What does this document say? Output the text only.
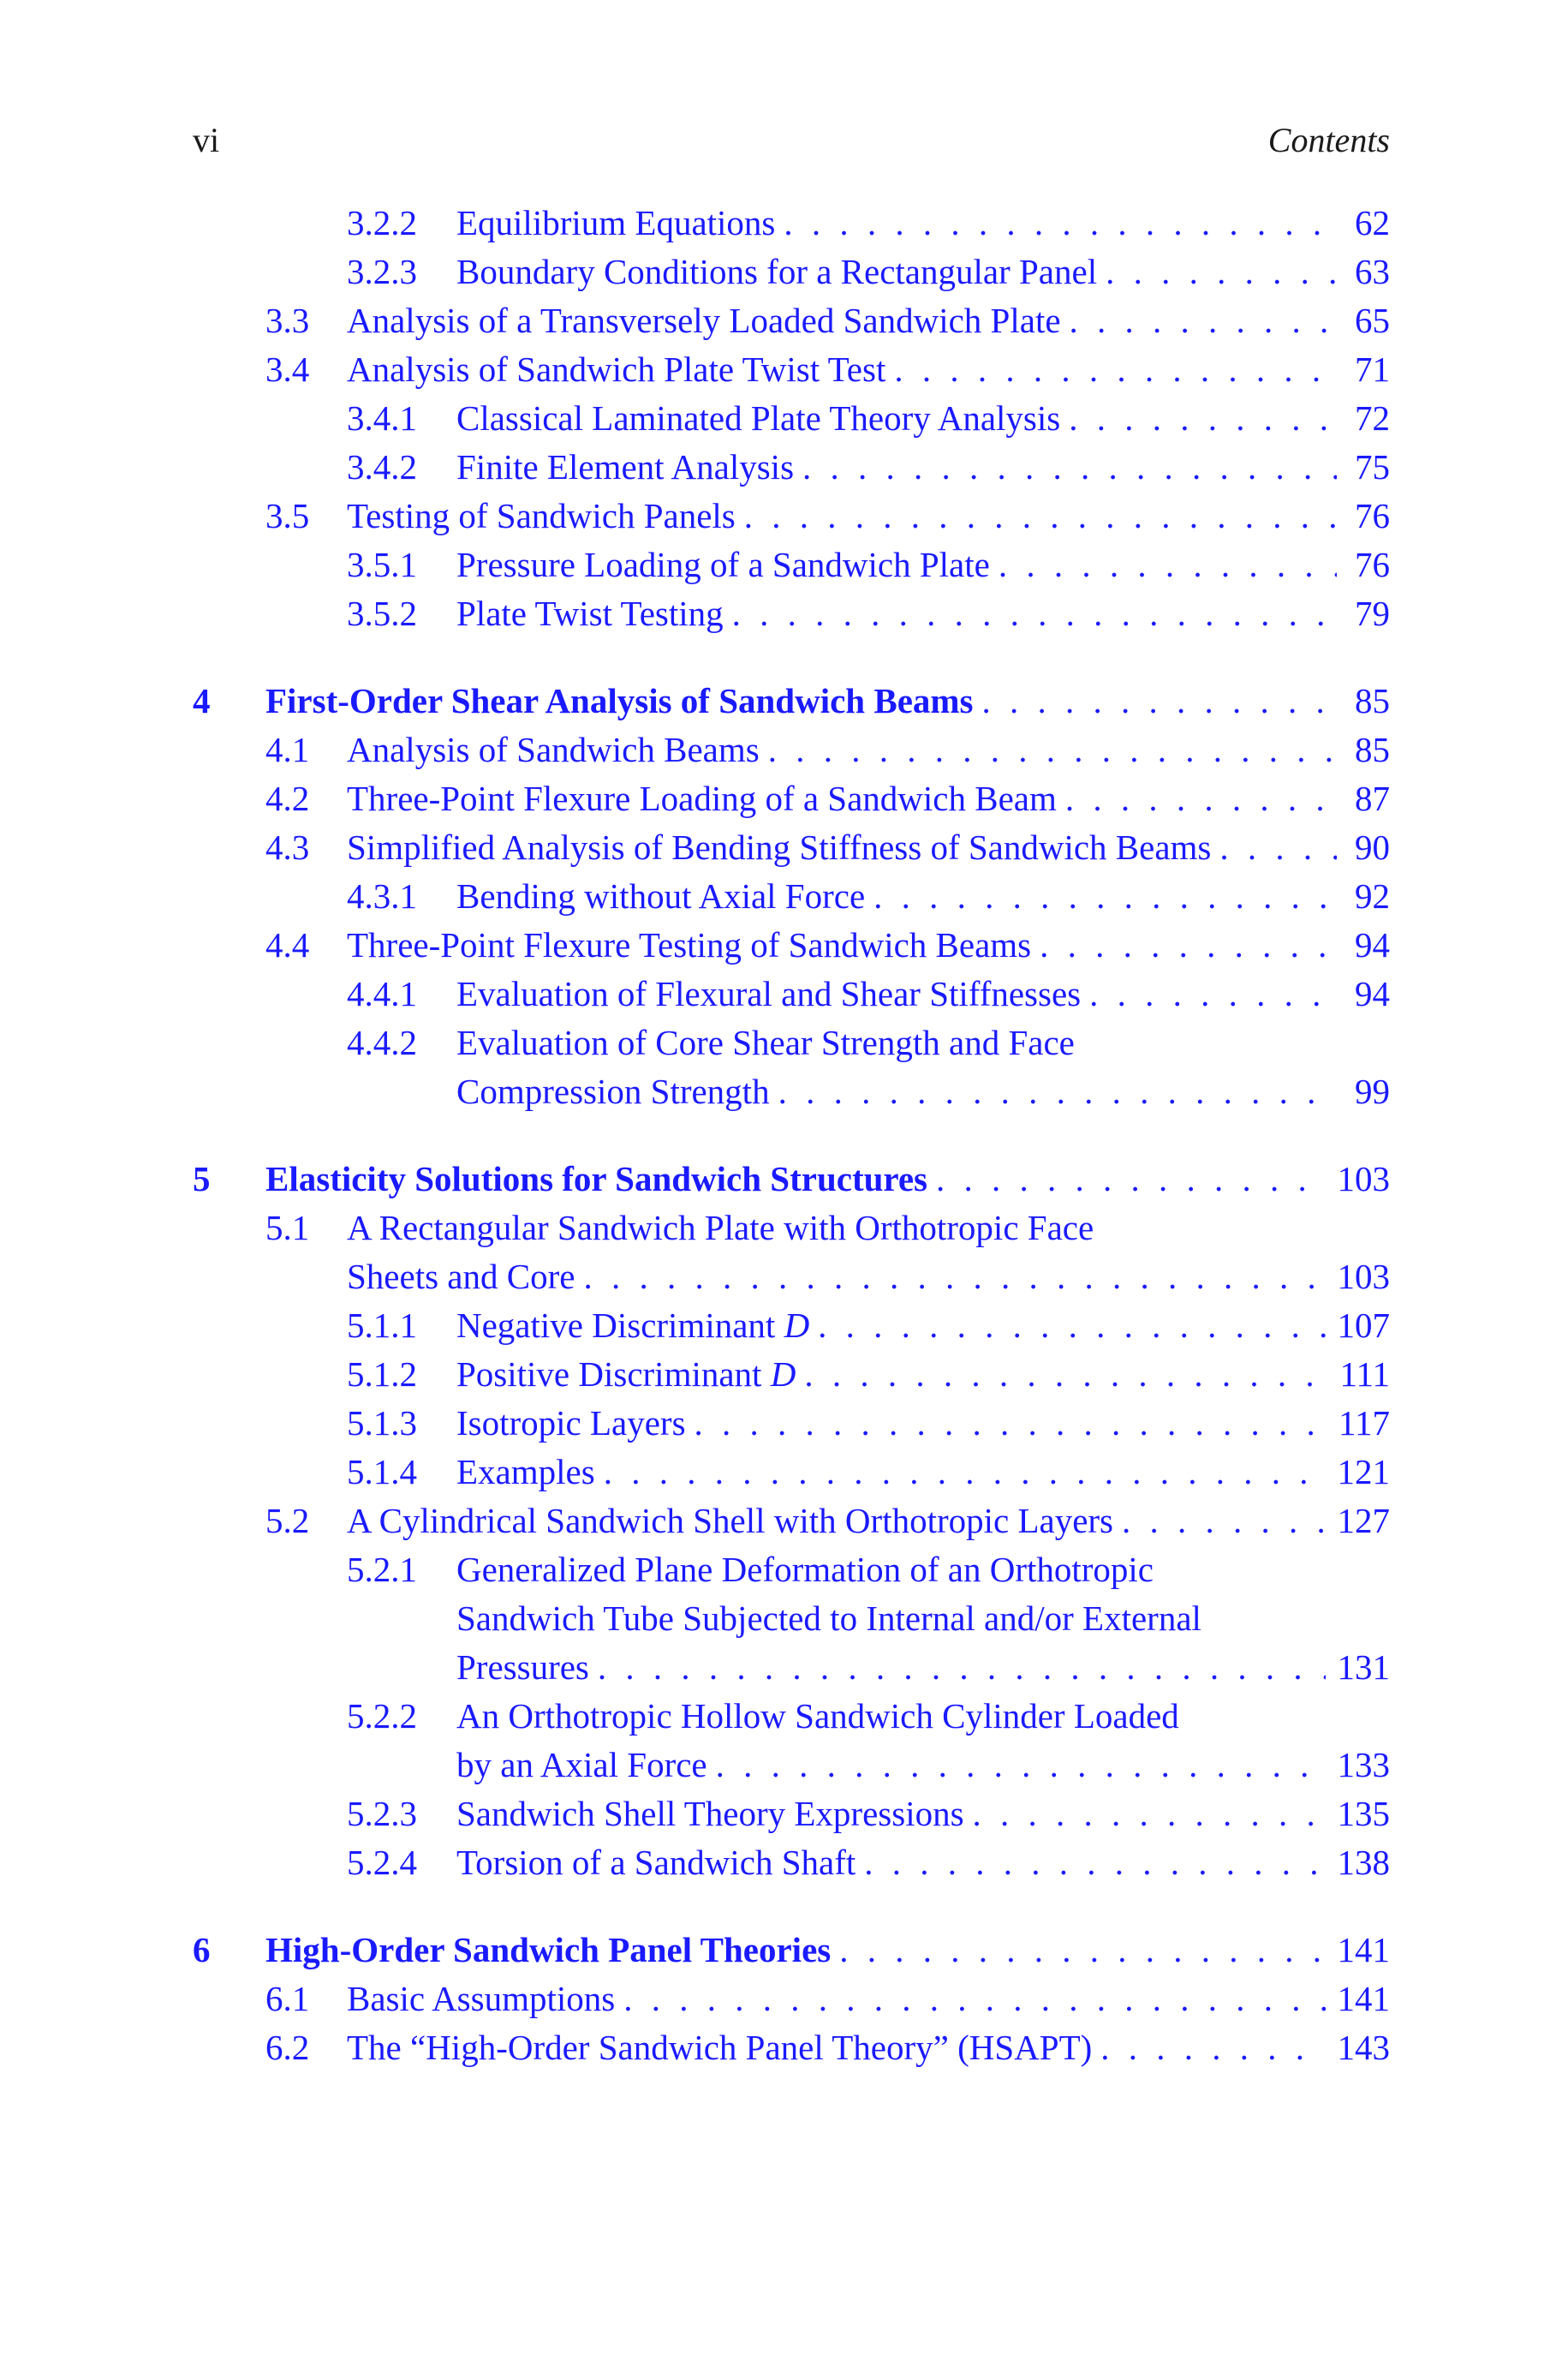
vi	Contents
3.2.2 Equilibrium Equations . . .	62
3.2.3 Boundary Conditions for a Rectangular Panel . . .	63
3.3 Analysis of a Transversely Loaded Sandwich Plate . . .	65
3.4 Analysis of Sandwich Plate Twist Test . . .	71
3.4.1 Classical Laminated Plate Theory Analysis . . .	72
3.4.2 Finite Element Analysis . . .	75
3.5 Testing of Sandwich Panels . . .	76
3.5.1 Pressure Loading of a Sandwich Plate . . .	76
3.5.2 Plate Twist Testing . . .	79
4 First-Order Shear Analysis of Sandwich Beams . . .	85
4.1 Analysis of Sandwich Beams . . .	85
4.2 Three-Point Flexure Loading of a Sandwich Beam . . .	87
4.3 Simplified Analysis of Bending Stiffness of Sandwich Beams . . .	90
4.3.1 Bending without Axial Force . . .	92
4.4 Three-Point Flexure Testing of Sandwich Beams . . .	94
4.4.1 Evaluation of Flexural and Shear Stiffnesses . . .	94
4.4.2 Evaluation of Core Shear Strength and Face
Compression Strength . . .	99
5 Elasticity Solutions for Sandwich Structures . . .	103
5.1 A Rectangular Sandwich Plate with Orthotropic Face
Sheets and Core . . .	103
5.1.1 Negative Discriminant D . . .	107
5.1.2 Positive Discriminant D . . .	111
5.1.3 Isotropic Layers . . .	117
5.1.4 Examples . . .	121
5.2 A Cylindrical Sandwich Shell with Orthotropic Layers . . .	127
5.2.1 Generalized Plane Deformation of an Orthotropic
Sandwich Tube Subjected to Internal and/or External
Pressures . . .	131
5.2.2 An Orthotropic Hollow Sandwich Cylinder Loaded
by an Axial Force . . .	133
5.2.3 Sandwich Shell Theory Expressions . . .	135
5.2.4 Torsion of a Sandwich Shaft . . .	138
6 High-Order Sandwich Panel Theories . . .	141
6.1 Basic Assumptions . . .	141
6.2 The “High-Order Sandwich Panel Theory” (HSAPT) . . .	143
